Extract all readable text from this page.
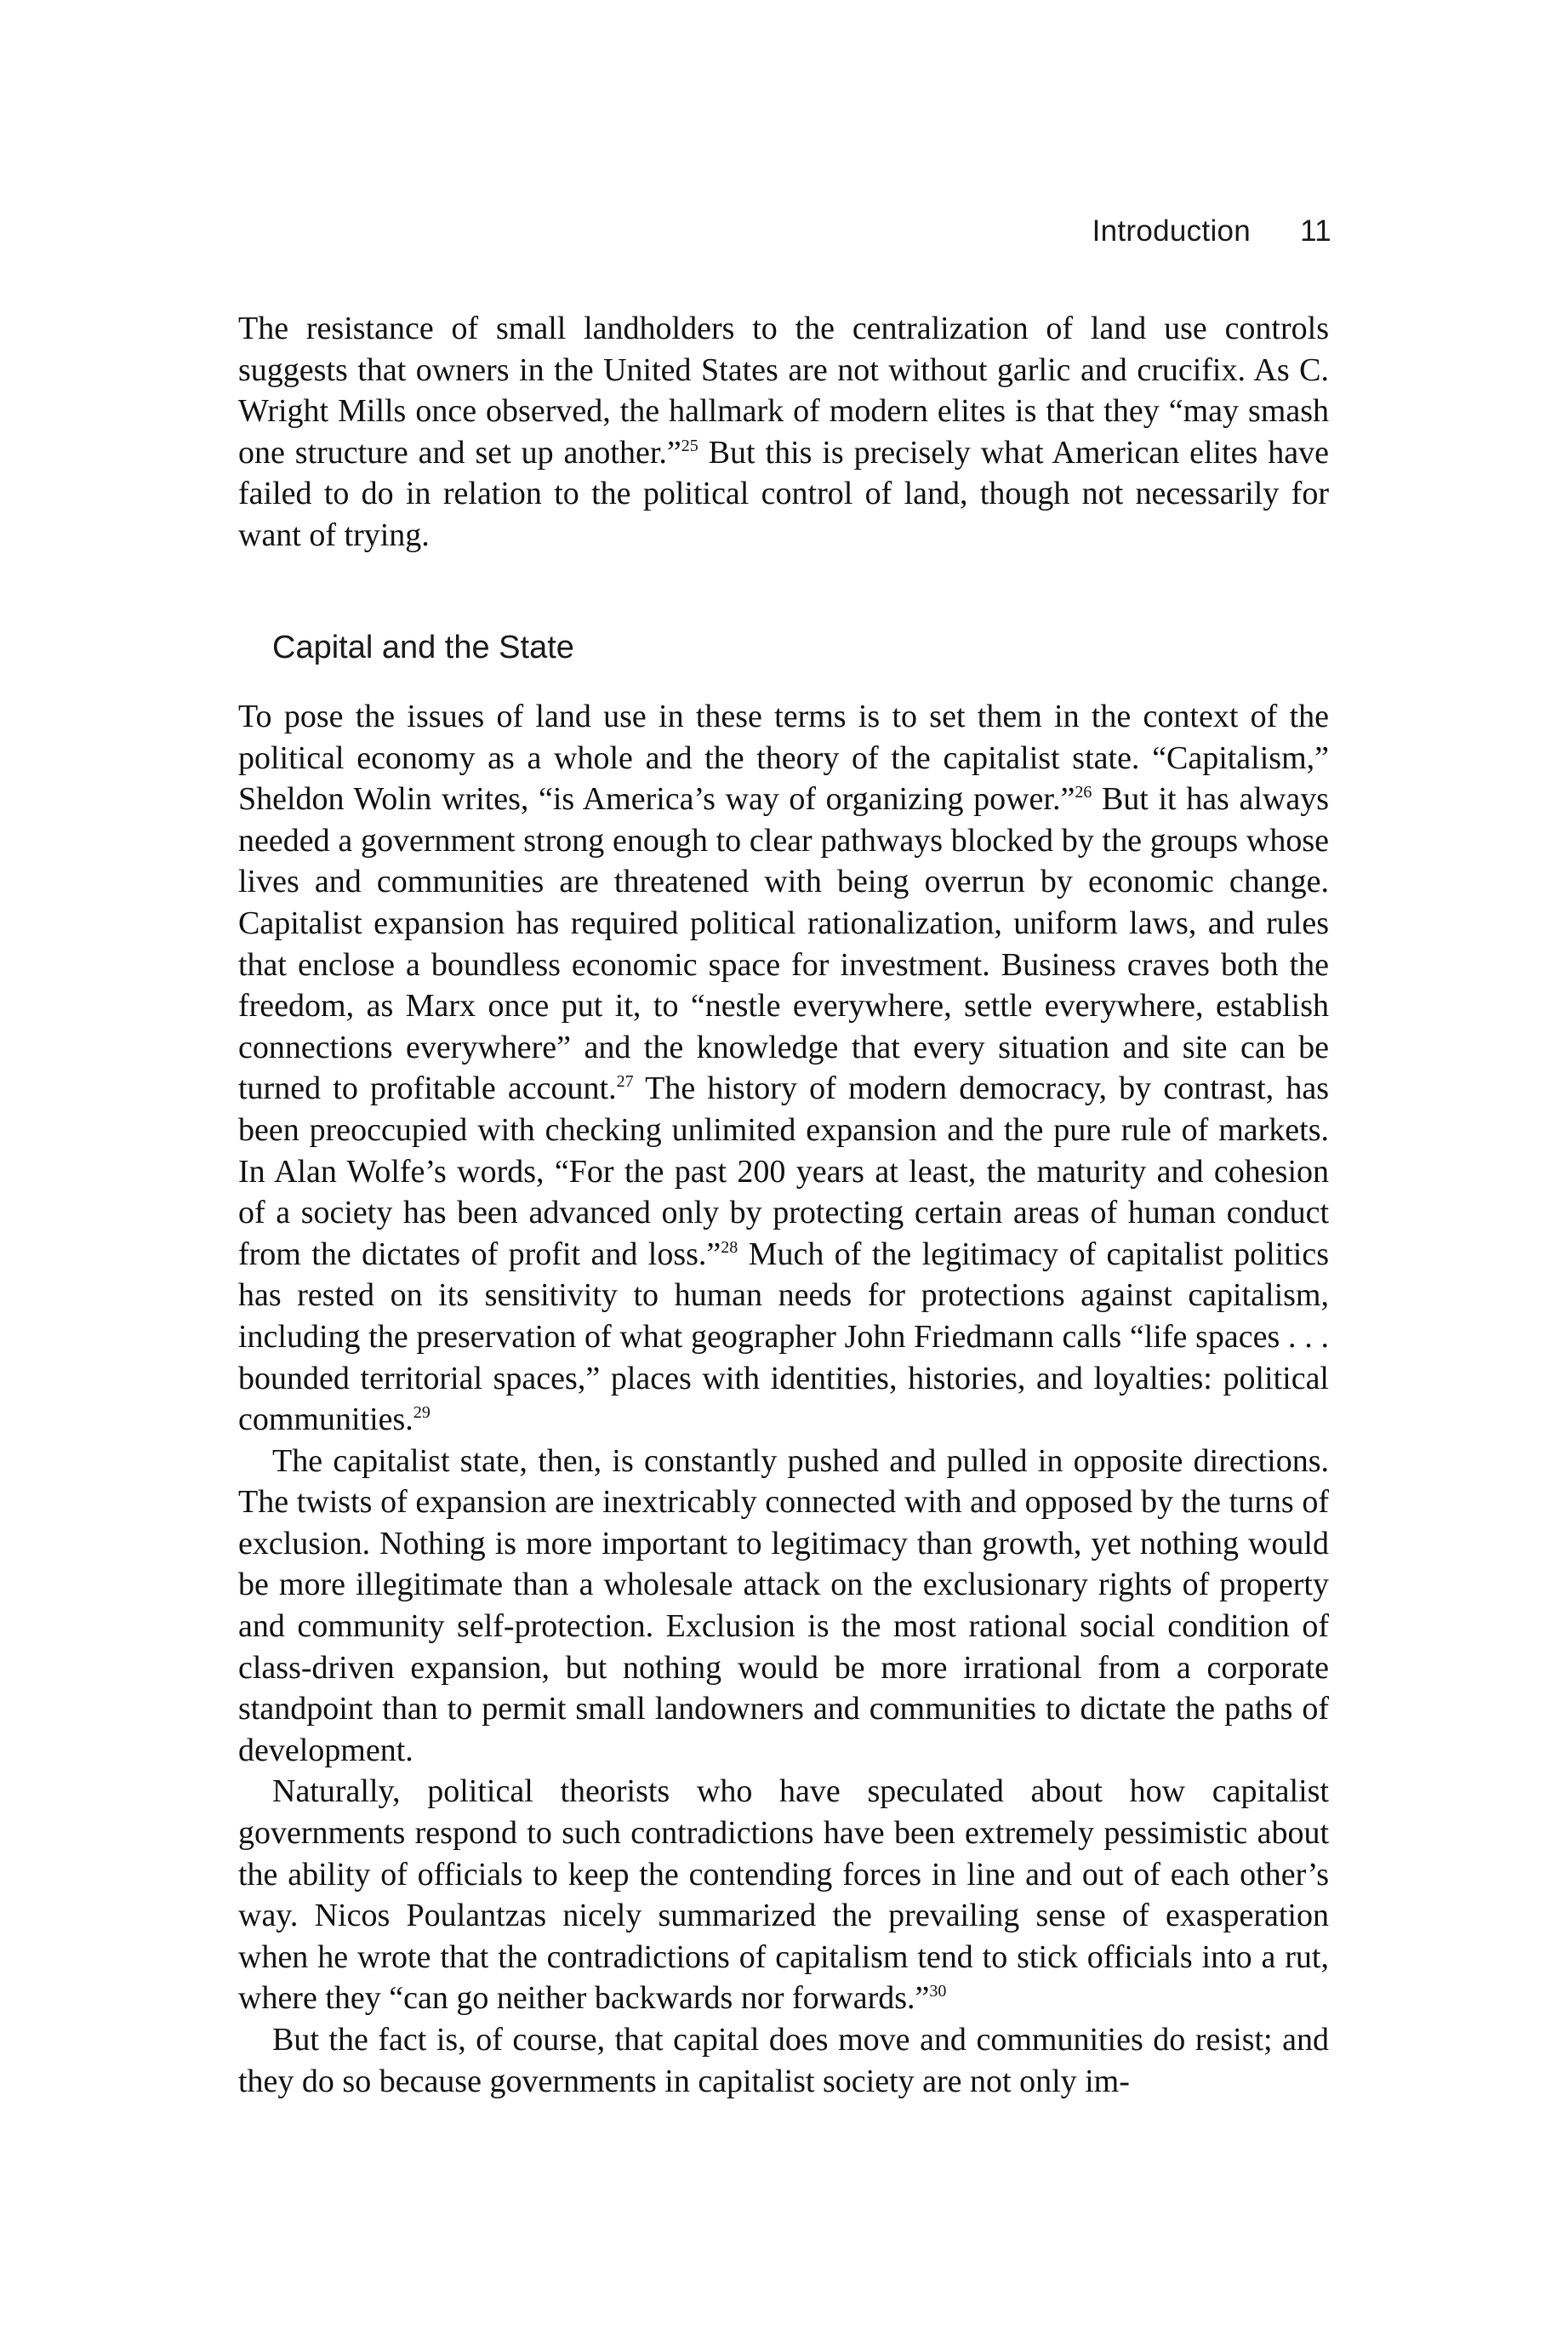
Introduction 11

The resistance of small landholders to the centralization of land use controls suggests that owners in the United States are not without garlic and crucifix. As C. Wright Mills once observed, the hallmark of modern elites is that they “may smash one structure and set up another.”$^{25}$ But this is precisely what American elites have failed to do in relation to the political control of land, though not necessarily for want of trying.

Capital and the State

To pose the issues of land use in these terms is to set them in the context of the political economy as a whole and the theory of the capitalist state. “Capitalism,” Sheldon Wolin writes, “is America’s way of organizing power.”$^{26}$ But it has always needed a government strong enough to clear pathways blocked by the groups whose lives and communities are threatened with being overrun by economic change. Capitalist expansion has required political rationalization, uniform laws, and rules that enclose a boundless economic space for investment. Business craves both the freedom, as Marx once put it, to “nestle everywhere, settle everywhere, establish connections everywhere” and the knowledge that every situation and site can be turned to profitable account.$^{27}$ The history of modern democracy, by contrast, has been preoccupied with checking unlimited expansion and the pure rule of markets. In Alan Wolfe’s words, “For the past 200 years at least, the maturity and cohesion of a society has been advanced only by protecting certain areas of human conduct from the dictates of profit and loss.”$^{28}$ Much of the legitimacy of capitalist politics has rested on its sensitivity to human needs for protections against capitalism, including the preservation of what geographer John Friedmann calls “life spaces . . . bounded territorial spaces,” places with identities, histories, and loyalties: political communities.$^{29}$

The capitalist state, then, is constantly pushed and pulled in opposite directions. The twists of expansion are inextricably connected with and opposed by the turns of exclusion. Nothing is more important to legitimacy than growth, yet nothing would be more illegitimate than a wholesale attack on the exclusionary rights of property and community self-protection. Exclusion is the most rational social condition of class-driven expansion, but nothing would be more irrational from a corporate standpoint than to permit small landowners and communities to dictate the paths of development.

Naturally, political theorists who have speculated about how capitalist governments respond to such contradictions have been extremely pessimistic about the ability of officials to keep the contending forces in line and out of each other’s way. Nicos Poulantzas nicely summarized the prevailing sense of exasperation when he wrote that the contradictions of capitalism tend to stick officials into a rut, where they “can go neither backwards nor forwards.”$^{30}$

But the fact is, of course, that capital does move and communities do resist; and they do so because governments in capitalist society are not only im-
